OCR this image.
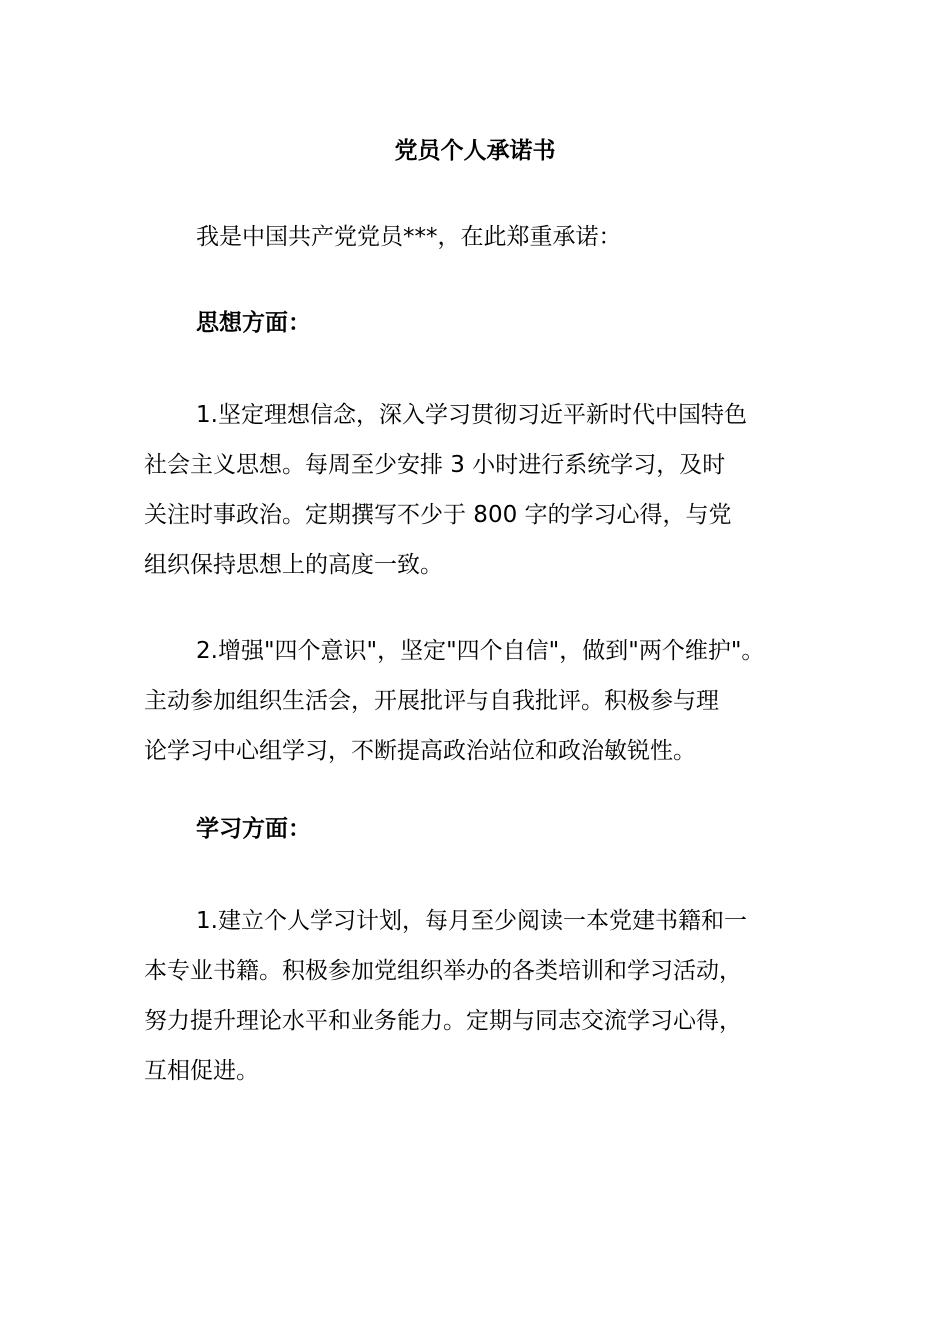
党员个人承诺书
我是中国共产党党员***，在此郑重承诺：
思想方面：
1.坚定理想信念，深入学习贯彻习近平新时代中国特色
社会主义思想。每周至少安排 3 小时进行系统学习，及时
关注时事政治。定期撰写不少于 800 字的学习心得，与党
组织保持思想上的高度一致。
2.增强"四个意识"，坚定"四个自信"，做到"两个维护"。
主动参加组织生活会，开展批评与自我批评。积极参与理
论学习中心组学习，不断提高政治站位和政治敏锐性。
学习方面：
1.建立个人学习计划，每月至少阅读一本党建书籍和一
本专业书籍。积极参加党组织举办的各类培训和学习活动，
努力提升理论水平和业务能力。定期与同志交流学习心得，
互相促进。
